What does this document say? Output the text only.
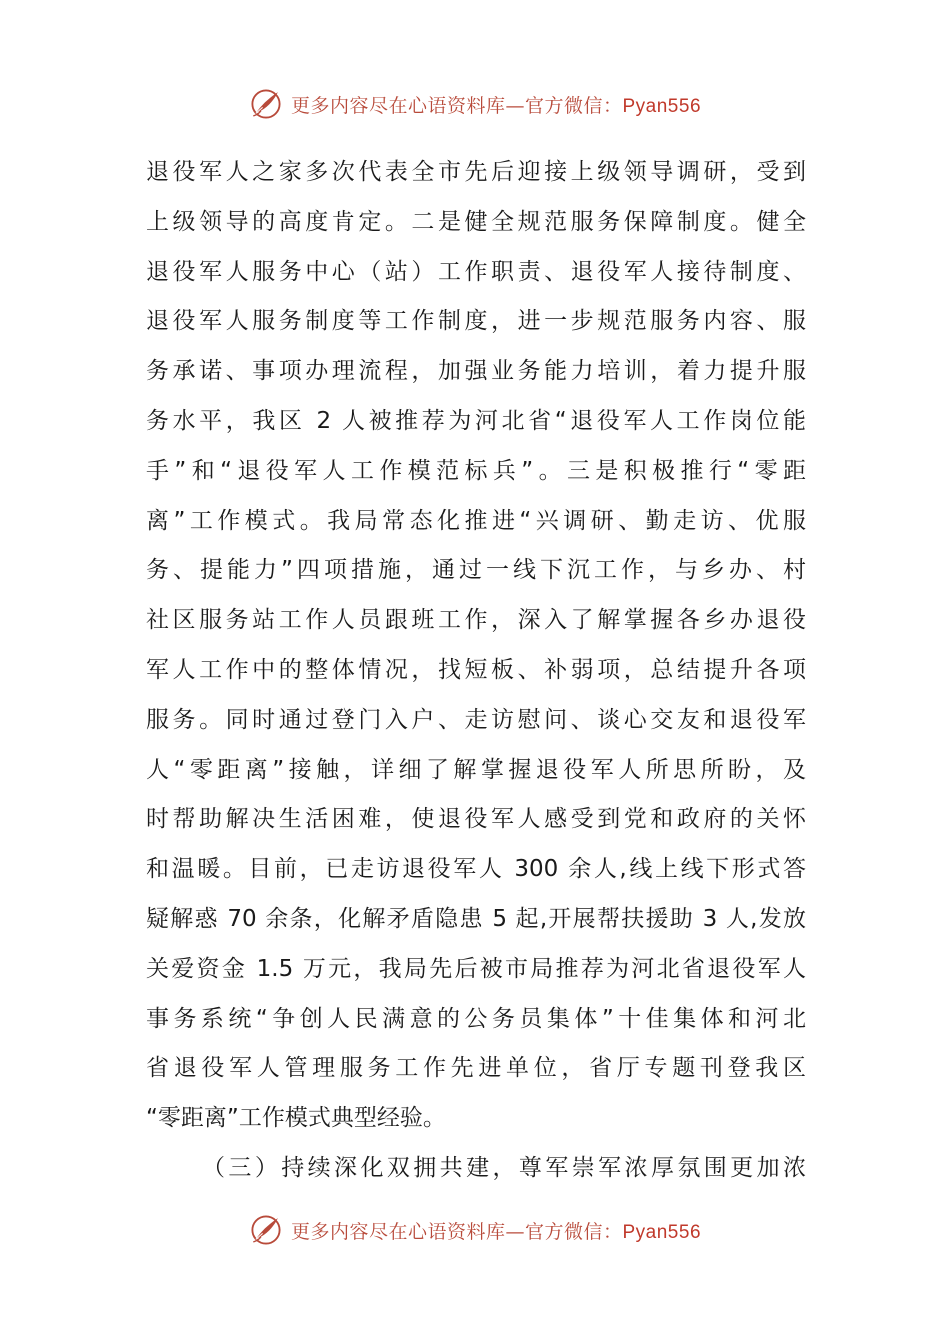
更多内容尽在心语资料库—官方微信：Pyan556
退役军人之家多次代表全市先后迎接上级领导调研，受到
上级领导的高度肯定。二是健全规范服务保障制度。健全
退役军人服务中心（站）工作职责、退役军人接待制度、
退役军人服务制度等工作制度，进一步规范服务内容、服
务承诺、事项办理流程，加强业务能力培训，着力提升服
务水平，我区 2 人被推荐为河北省“退役军人工作岗位能
手”和“退役军人工作模范标兵”。三是积极推行“零距
离”工作模式。我局常态化推进“兴调研、勤走访、优服
务、提能力”四项措施，通过一线下沉工作，与乡办、村
社区服务站工作人员跟班工作，深入了解掌握各乡办退役
军人工作中的整体情况，找短板、补弱项，总结提升各项
服务。同时通过登门入户、走访慰问、谈心交友和退役军
人“零距离”接触，详细了解掌握退役军人所思所盼，及
时帮助解决生活困难，使退役军人感受到党和政府的关怀
和温暖。目前，已走访退役军人 300 余人,线上线下形式答
疑解惑 70 余条，化解矛盾隐患 5 起,开展帮扶援助 3 人,发放
关爱资金 1.5 万元，我局先后被市局推荐为河北省退役军人
事务系统“争创人民满意的公务员集体”十佳集体和河北
省退役军人管理服务工作先进单位，省厅专题刊登我区
“零距离”工作模式典型经验。
（三）持续深化双拥共建，尊军崇军浓厚氛围更加浓
更多内容尽在心语资料库—官方微信：Pyan556
